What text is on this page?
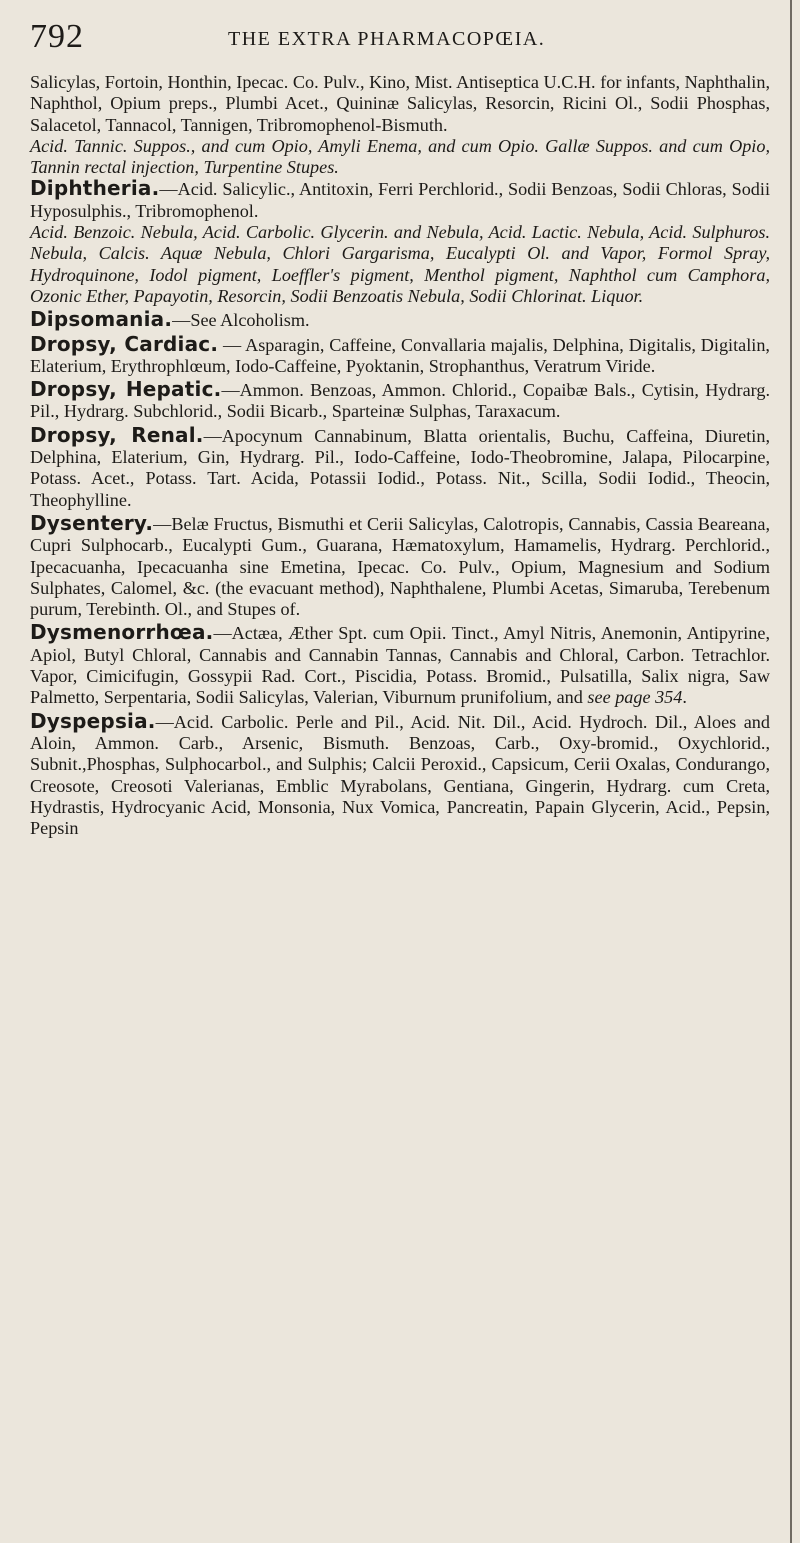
792	THE EXTRA PHARMACOPŒIA.

Salicylas, Fortoin, Honthin, Ipecac. Co. Pulv., Kino, Mist. Antiseptica U.C.H. for infants, Naphthalin, Naphthol, Opium preps., Plumbi Acet., Quininæ Salicylas, Resorcin, Ricini Ol., Sodii Phosphas, Salacetol, Tannacol, Tannigen, Tribromophenol-Bismuth.

Acid. Tannic. Suppos., and cum Opio, Amyli Enema, and cum Opio. Gallæ Suppos. and cum Opio, Tannin rectal injection, Turpentine Stupes.

Diphtheria.—Acid. Salicylic., Antitoxin, Ferri Perchlorid., Sodii Benzoas, Sodii Chloras, Sodii Hyposulphis., Tribromophenol.

Acid. Benzoic. Nebula, Acid. Carbolic. Glycerin. and Nebula, Acid. Lactic. Nebula, Acid. Sulphuros. Nebula, Calcis. Aquæ Nebula, Chlori Gargarisma, Eucalypti Ol. and Vapor, Formol Spray, Hydroquinone, Iodol pigment, Loeffler's pigment, Menthol pigment, Naphthol cum Camphora, Ozonic Ether, Papayotin, Resorcin, Sodii Benzoatis Nebula, Sodii Chlorinat. Liquor.

Dipsomania.—See Alcoholism.

Dropsy, Cardiac. — Asparagin, Caffeine, Convallaria majalis, Delphina, Digitalis, Digitalin, Elaterium, Erythrophlœum, Iodo-Caffeine, Pyoktanin, Strophanthus, Veratrum Viride.

Dropsy, Hepatic.—Ammon. Benzoas, Ammon. Chlorid., Copaibæ Bals., Cytisin, Hydrarg. Pil., Hydrarg. Subchlorid., Sodii Bicarb., Sparteinæ Sulphas, Taraxacum.

Dropsy, Renal.—Apocynum Cannabinum, Blatta orientalis, Buchu, Caffeina, Diuretin, Delphina, Elaterium, Gin, Hydrarg. Pil., Iodo-Caffeine, Iodo-Theobromine, Jalapa, Pilocarpine, Potass. Acet., Potass. Tart. Acida, Potassii Iodid., Potass. Nit., Scilla, Sodii Iodid., Theocin, Theophylline.

Dysentery.—Belæ Fructus, Bismuthi et Cerii Salicylas, Calotropis, Cannabis, Cassia Beareana, Cupri Sulphocarb., Eucalypti Gum., Guarana, Hæmatoxylum, Hamamelis, Hydrarg. Perchlorid., Ipecacuanha, Ipecacuanha sine Emetina, Ipecac. Co. Pulv., Opium, Magnesium and Sodium Sulphates, Calomel, &c. (the evacuant method), Naphthalene, Plumbi Acetas, Simaruba, Terebenum purum, Terebinth. Ol., and Stupes of.

Dysmenorrhœa.—Actæa, Æther Spt. cum Opii. Tinct., Amyl Nitris, Anemonin, Antipyrine, Apiol, Butyl Chloral, Cannabis and Cannabin Tannas, Cannabis and Chloral, Carbon. Tetrachlor. Vapor, Cimicifugin, Gossypii Rad. Cort., Piscidia, Potass. Bromid., Pulsatilla, Salix nigra, Saw Palmetto, Serpentaria, Sodii Salicylas, Valerian, Viburnum prunifolium, and see page 354.

Dyspepsia.—Acid. Carbolic. Perle and Pil., Acid. Nit. Dil., Acid. Hydroch. Dil., Aloes and Aloin, Ammon. Carb., Arsenic, Bismuth. Benzoas, Carb., Oxy-bromid., Oxychlorid., Subnit.,Phosphas, Sulphocarbol., and Sulphis; Calcii Peroxid., Capsicum, Cerii Oxalas, Condurango, Creosote, Creosoti Valerianas, Emblic Myrabolans, Gentiana, Gingerin, Hydrarg. cum Creta, Hydrastis, Hydrocyanic Acid, Monsonia, Nux Vomica, Pancreatin, Papain Glycerin, Acid., Pepsin, Pepsin
